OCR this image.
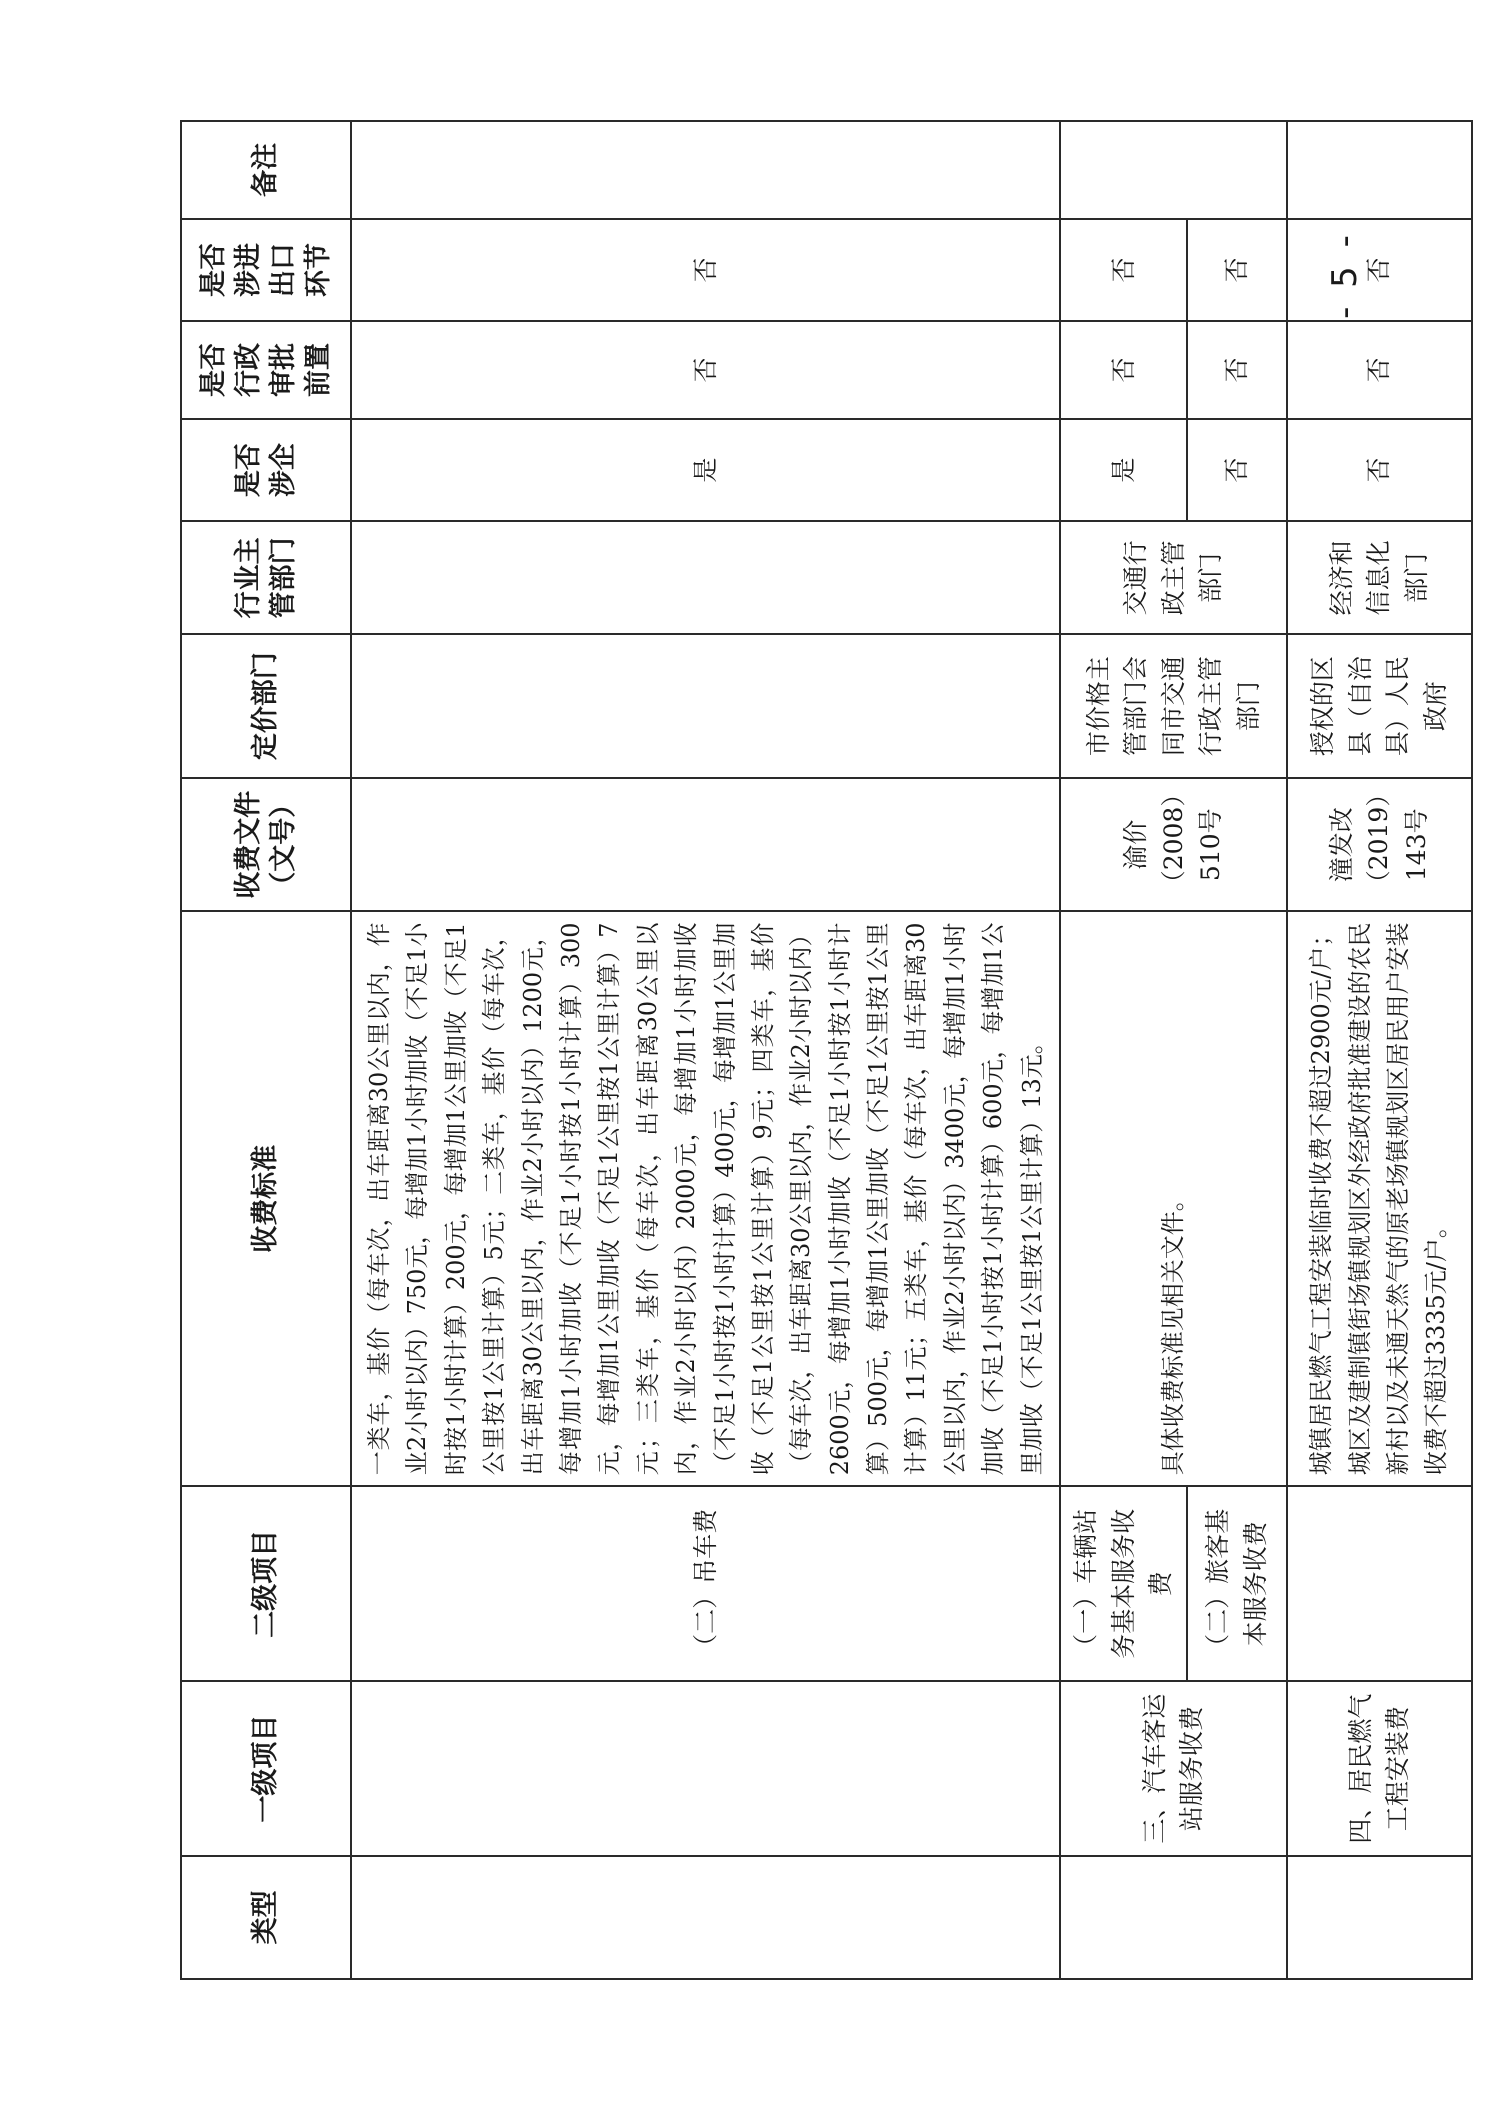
类型	一级项目	二级项目	收费标准	收费文件（文号）	定价部门	行业主管部门	是否涉企	是否行政审批前置	是否涉进出口环节	备注
		（二）吊车费	一类车，基价（每车次，出车距离30公里以内，作业2小时以内）750元，每增加1小时加收（不足1小时按1小时计算）200元，每增加1公里加收（不足1公里按1公里计算）5元；二类车，基价（每车次，出车距离30公里以内，作业2小时以内）1200元，每增加1小时加收（不足1小时按1小时计算）300元，每增加1公里加收（不足1公里按1公里计算）7元；三类车，基价（每车次，出车距离30公里以内，作业2小时以内）2000元，每增加1小时加收（不足1小时按1小时计算）400元，每增加1公里加收（不足1公里按1公里计算）9元；四类车，基价（每车次，出车距离30公里以内，作业2小时以内）2600元，每增加1小时加收（不足1小时按1小时计算）500元，每增加1公里加收（不足1公里按1公里计算）11元；五类车，基价（每车次，出车距离30公里以内，作业2小时以内）3400元，每增加1小时加收（不足1小时按1小时计算）600元，每增加1公里加收（不足1公里按1公里计算）13元。				是	否	否	
	三、汽车客运站服务收费	（一）车辆站务基本服务收费	具体收费标准见相关文件。	渝价（2008）510号	市价格主管部门会同市交通行政主管部门	交通行政主管部门	是	否	否	
		（二）旅客基本服务收费					否	否	否	
	四、居民燃气工程安装费		城镇居民燃气工程安装临时收费不超过2900元/户；城区及建制镇街场镇规划区外经政府批准建设的农民新村以及未通天然气的原老场镇规划区居民用户安装收费不超过3335元/户。	潼发改（2019）143号	授权的区县（自治县）人民政府	经济和信息化部门	否	否	否	
- 5 -
